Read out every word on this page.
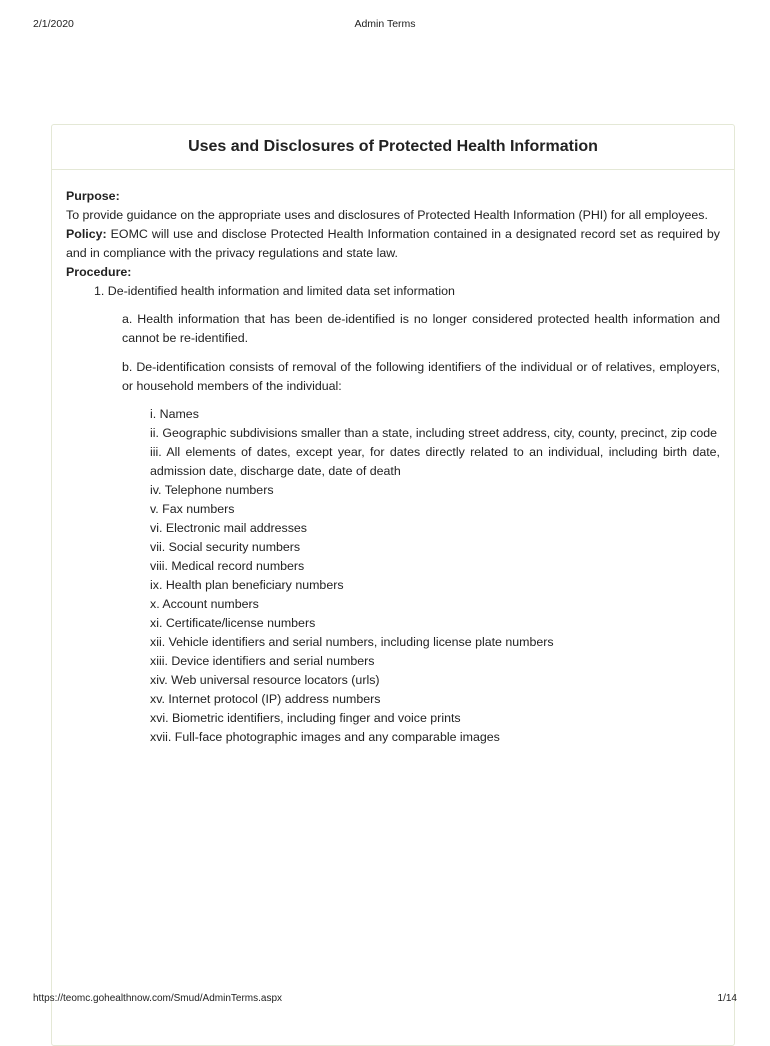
2/1/2020	Admin Terms
Uses and Disclosures of Protected Health Information

Purpose:

To provide guidance on the appropriate uses and disclosures of Protected Health Information (PHI) for all employees.

Policy: EOMC will use and disclose Protected Health Information contained in a designated record set as required by and in compliance with the privacy regulations and state law.

Procedure:

1. De-identified health information and limited data set information

a. Health information that has been de-identified is no longer considered protected health information and cannot be re-identified.

b. De-identification consists of removal of the following identifiers of the individual or of relatives, employers, or household members of the individual:

i. Names

ii. Geographic subdivisions smaller than a state, including street address, city, county, precinct, zip code

iii. All elements of dates, except year, for dates directly related to an individual, including birth date, admission date, discharge date, date of death

iv. Telephone numbers

v. Fax numbers

vi. Electronic mail addresses

vii. Social security numbers

viii. Medical record numbers

ix. Health plan beneficiary numbers

x. Account numbers

xi. Certificate/license numbers

xii. Vehicle identifiers and serial numbers, including license plate numbers

xiii. Device identifiers and serial numbers

xiv. Web universal resource locators (urls)

xv. Internet protocol (IP) address numbers

xvi. Biometric identifiers, including finger and voice prints

xvii. Full-face photographic images and any comparable images

https://teomc.gohealthnow.com/Smud/AdminTerms.aspx	1/14
